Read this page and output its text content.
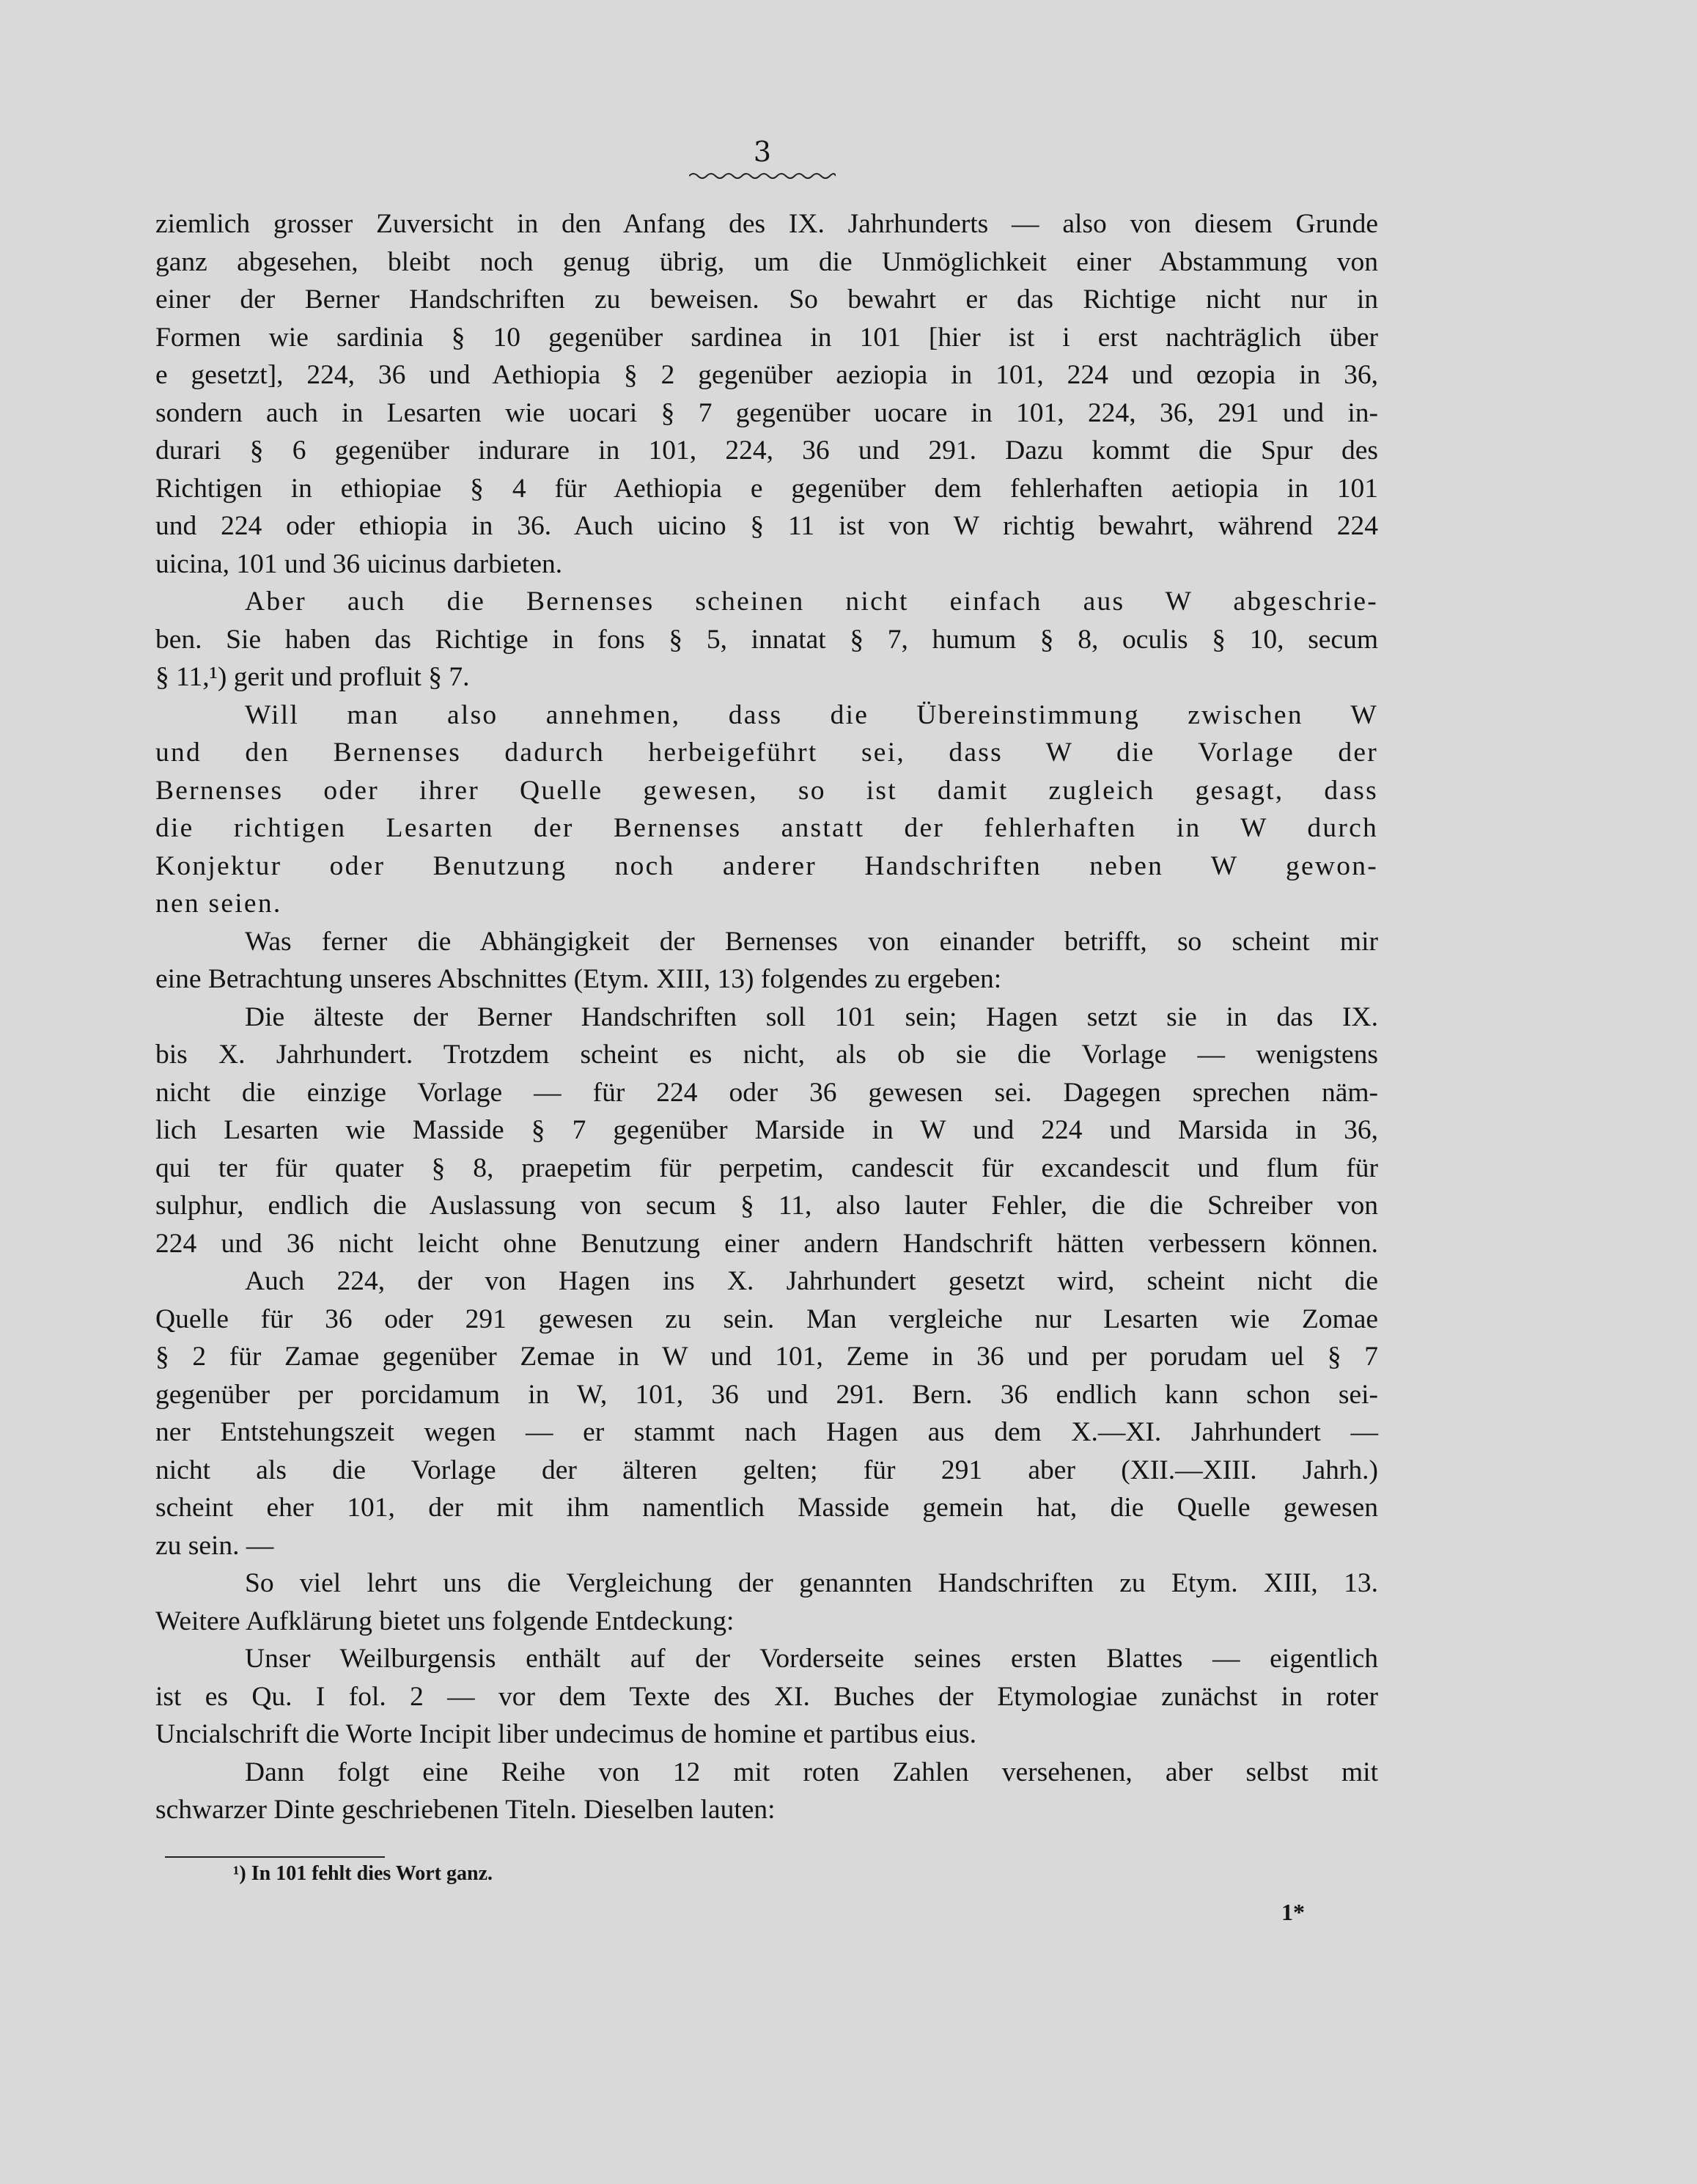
3
ziemlich grosser Zuversicht in den Anfang des IX. Jahrhunderts — also von diesem Grunde
ganz abgesehen, bleibt noch genug übrig, um die Unmöglichkeit einer Abstammung von
einer der Berner Handschriften zu beweisen. So bewahrt er das Richtige nicht nur in
Formen wie sardinia § 10 gegenüber sardinea in 101 [hier ist i erst nachträglich über
e gesetzt], 224, 36 und Aethiopia § 2 gegenüber aeziopia in 101, 224 und œzopia in 36,
sondern auch in Lesarten wie uocari § 7 gegenüber uocare in 101, 224, 36, 291 und in-
durari § 6 gegenüber indurare in 101, 224, 36 und 291. Dazu kommt die Spur des
Richtigen in ethiopiae § 4 für Aethiopia e gegenüber dem fehlerhaften aetiopia in 101
und 224 oder ethiopia in 36. Auch uicino § 11 ist von W richtig bewahrt, während 224
uicina, 101 und 36 uicinus darbieten.
Aber auch die Bernenses scheinen nicht einfach aus W abgeschrie-
ben. Sie haben das Richtige in fons § 5, innatat § 7, humum § 8, oculis § 10, secum
§ 11,¹) gerit und profluit § 7.
Will man also annehmen, dass die Übereinstimmung zwischen W
und den Bernenses dadurch herbeigeführt sei, dass W die Vorlage der
Bernenses oder ihrer Quelle gewesen, so ist damit zugleich gesagt, dass
die richtigen Lesarten der Bernenses anstatt der fehlerhaften in W durch
Konjektur oder Benutzung noch anderer Handschriften neben W gewon-
nen seien.
Was ferner die Abhängigkeit der Bernenses von einander betrifft, so scheint mir
eine Betrachtung unseres Abschnittes (Etym. XIII, 13) folgendes zu ergeben:
Die älteste der Berner Handschriften soll 101 sein; Hagen setzt sie in das IX.
bis X. Jahrhundert. Trotzdem scheint es nicht, als ob sie die Vorlage — wenigstens
nicht die einzige Vorlage — für 224 oder 36 gewesen sei. Dagegen sprechen näm-
lich Lesarten wie Masside § 7 gegenüber Marside in W und 224 und Marsida in 36,
qui ter für quater § 8, praepetim für perpetim, candescit für excandescit und flum für
sulphur, endlich die Auslassung von secum § 11, also lauter Fehler, die die Schreiber von
224 und 36 nicht leicht ohne Benutzung einer andern Handschrift hätten verbessern können.
Auch 224, der von Hagen ins X. Jahrhundert gesetzt wird, scheint nicht die
Quelle für 36 oder 291 gewesen zu sein. Man vergleiche nur Lesarten wie Zomae
§ 2 für Zamae gegenüber Zemae in W und 101, Zeme in 36 und per porudam uel § 7
gegenüber per porcidamum in W, 101, 36 und 291. Bern. 36 endlich kann schon sei-
ner Entstehungszeit wegen — er stammt nach Hagen aus dem X.—XI. Jahrhundert —
nicht als die Vorlage der älteren gelten; für 291 aber (XII.—XIII. Jahrh.)
scheint eher 101, der mit ihm namentlich Masside gemein hat, die Quelle gewesen
zu sein. —
So viel lehrt uns die Vergleichung der genannten Handschriften zu Etym. XIII, 13.
Weitere Aufklärung bietet uns folgende Entdeckung:
Unser Weilburgensis enthält auf der Vorderseite seines ersten Blattes — eigentlich
ist es Qu. I fol. 2 — vor dem Texte des XI. Buches der Etymologiae zunächst in roter
Uncialschrift die Worte Incipit liber undecimus de homine et partibus eius.
Dann folgt eine Reihe von 12 mit roten Zahlen versehenen, aber selbst mit
schwarzer Dinte geschriebenen Titeln. Dieselben lauten:
¹) In 101 fehlt dies Wort ganz.
1*
